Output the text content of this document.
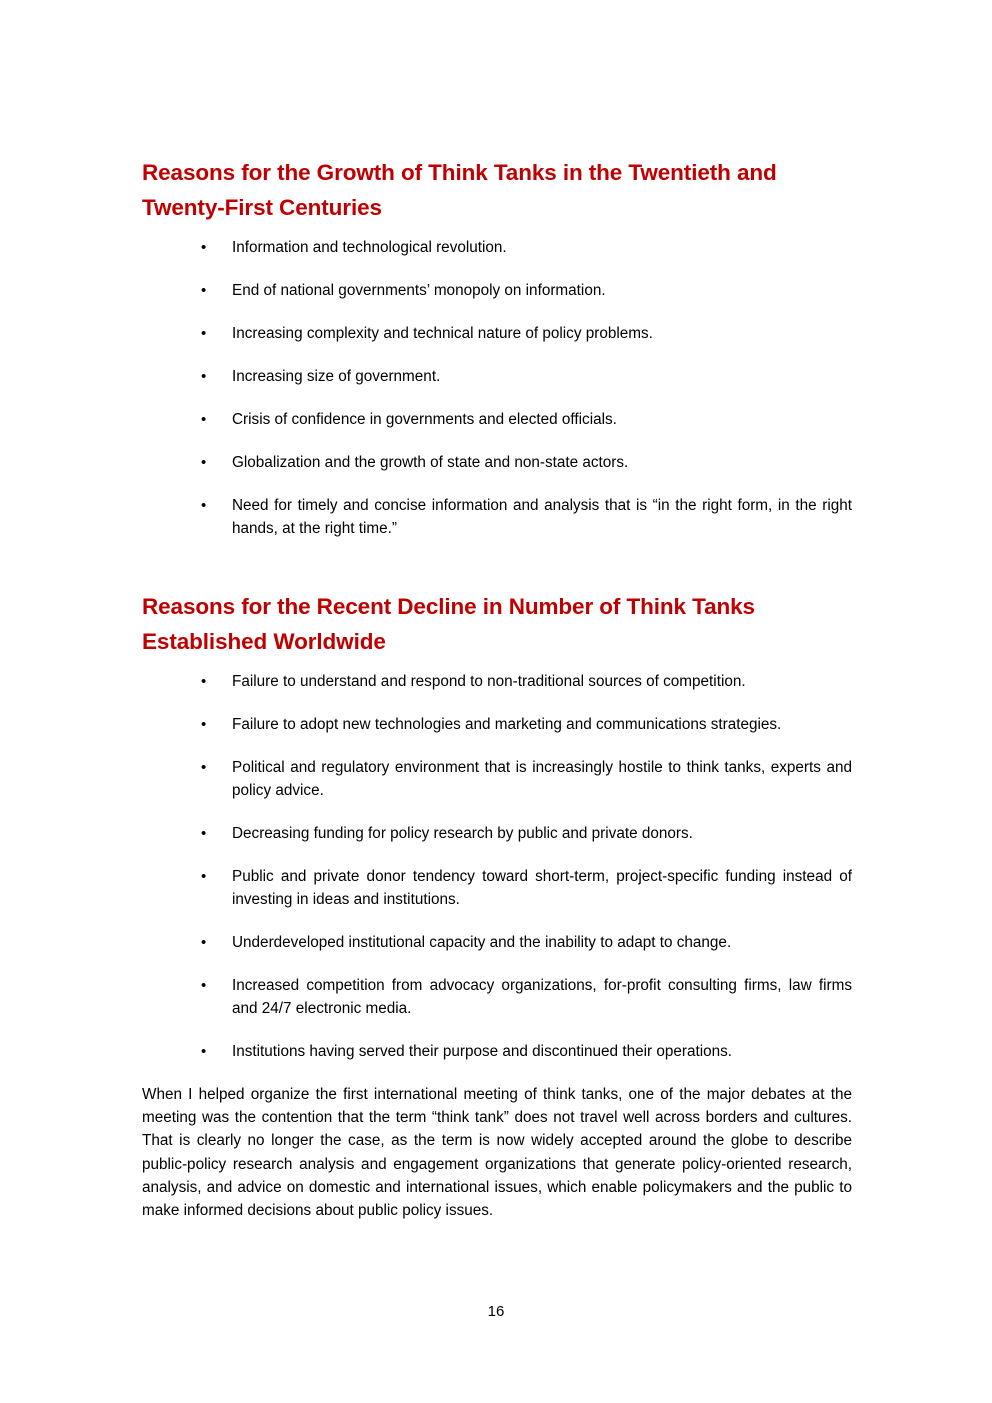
Reasons for the Growth of Think Tanks in the Twentieth and Twenty-First Centuries
• Information and technological revolution.
• End of national governments’ monopoly on information.
• Increasing complexity and technical nature of policy problems.
• Increasing size of government.
• Crisis of confidence in governments and elected officials.
• Globalization and the growth of state and non-state actors.
• Need for timely and concise information and analysis that is “in the right form, in the right hands, at the right time.”
Reasons for the Recent Decline in Number of Think Tanks Established Worldwide
• Failure to understand and respond to non-traditional sources of competition.
• Failure to adopt new technologies and marketing and communications strategies.
• Political and regulatory environment that is increasingly hostile to think tanks, experts and policy advice.
• Decreasing funding for policy research by public and private donors.
• Public and private donor tendency toward short-term, project-specific funding instead of investing in ideas and institutions.
• Underdeveloped institutional capacity and the inability to adapt to change.
• Increased competition from advocacy organizations, for-profit consulting firms, law firms and 24/7 electronic media.
• Institutions having served their purpose and discontinued their operations.

When I helped organize the first international meeting of think tanks, one of the major debates at the meeting was the contention that the term “think tank” does not travel well across borders and cultures. That is clearly no longer the case, as the term is now widely accepted around the globe to describe public-policy research analysis and engagement organizations that generate policy-oriented research, analysis, and advice on domestic and international issues, which enable policymakers and the public to make informed decisions about public policy issues.

16
